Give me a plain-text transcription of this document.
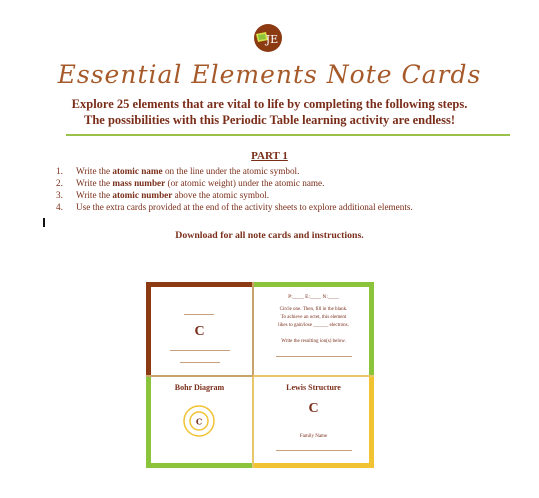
JE
Essential Elements Note Cards
Explore 25 elements that are vital to life by completing the following steps.
The possibilities with this Periodic Table learning activity are endless!
PART 1
1. Write the atomic name on the line under the atomic symbol.
2. Write the mass number (or atomic weight) under the atomic name.
3. Write the atomic number above the atomic symbol.
4. Use the extra cards provided at the end of the activity sheets to explore additional elements.
Download for all note cards and instructions.
C
P:____ E:____ N:____
Circle one. Then, fill in the blank.
To achieve an octet, this element
likes to gain/lose ______ electrons.
Write the resulting ion(s) below.
Bohr Diagram
C
Lewis Structure
C
Family Name
